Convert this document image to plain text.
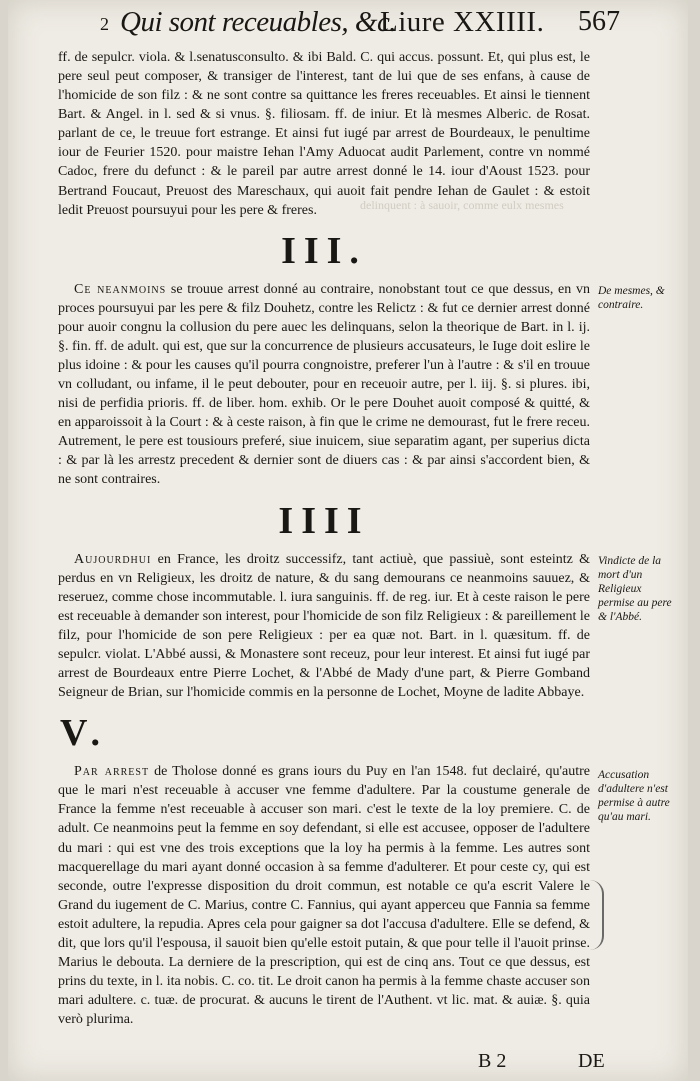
delinquent : à sauoir, comme eulx mesmes
2 Qui sont receuables, &c.
Liure XXIIII. 567

ff. de sepulcr. viola. & l.senatusconsulto. & ibi Bald. C. qui accus. possunt. Et, qui plus est, le pere seul peut composer, & transiger de l'interest, tant de lui que de ses enfans, à cause de l'homicide de son filz : & ne sont contre sa quittance les freres receuables. Et ainsi le tiennent Bart. & Angel. in l. sed & si vnus. §. filiosam. ff. de iniur. Et là mesmes Alberic. de Rosat. parlant de ce, le treuue fort estrange. Et ainsi fut iugé par arrest de Bourdeaux, le penultime iour de Feurier 1520. pour maistre Iehan l'Amy Aduocat audit Parlement, contre vn nommé Cadoc, frere du defunct : & le pareil par autre arrest donné le 14. iour d'Aoust 1523. pour Bertrand Foucaut, Preuost des Mareschaux, qui auoit fait pendre Iehan de Gaulet : & estoit ledit Preuost poursuyui pour les pere & freres.

III.

Ce neanmoins se trouue arrest donné au contraire, nonobstant tout ce que dessus, en vn proces poursuyui par les pere & filz Douhetz, contre les Relictz : & fut ce dernier arrest donné pour auoir congnu la collusion du pere auec les delinquans, selon la theorique de Bart. in l. ij. §. fin. ff. de adult. qui est, que sur la concurrence de plusieurs accusateurs, le Iuge doit eslire le plus idoine : & pour les causes qu'il pourra congnoistre, preferer l'un à l'autre : & s'il en trouue vn colludant, ou infame, il le peut debouter, pour en receuoir autre, per l. iij. §. si plures. ibi, nisi de perfidia prioris. ff. de liber. hom. exhib. Or le pere Douhet auoit composé & quitté, & en apparoissoit à la Court : & à ceste raison, à fin que le crime ne demourast, fut le frere receu. Autrement, le pere est tousiours preferé, siue inuicem, siue separatim agant, per superius dicta : & par là les arrestz precedent & dernier sont de diuers cas : & par ainsi s'accordent bien, & ne sont contraires.

IIII

Aujourdhui en France, les droitz successifz, tant actiuè, que passiuè, sont esteintz & perdus en vn Religieux, les droitz de nature, & du sang demourans ce neanmoins sauuez, & reseruez, comme chose incommutable. l. iura sanguinis. ff. de reg. iur. Et à ceste raison le pere est receuable à demander son interest, pour l'homicide de son filz Religieux : & pareillement le filz, pour l'homicide de son pere Religieux : per ea quæ not. Bart. in l. quæsitum. ff. de sepulcr. violat. L'Abbé aussi, & Monastere sont receuz, pour leur interest. Et ainsi fut iugé par arrest de Bourdeaux entre Pierre Lochet, & l'Abbé de Mady d'une part, & Pierre Gomband Seigneur de Brian, sur l'homicide commis en la personne de Lochet, Moyne de ladite Abbaye.

V.

Par arrest de Tholose donné es grans iours du Puy en l'an 1548. fut declairé, qu'autre que le mari n'est receuable à accuser vne femme d'adultere. Par la coustume generale de France la femme n'est receuable à accuser son mari. c'est le texte de la loy premiere. C. de adult. Ce neanmoins peut la femme en soy defendant, si elle est accusee, opposer de l'adultere du mari : qui est vne des trois exceptions que la loy ha permis à la femme. Les autres sont macquerellage du mari ayant donné occasion à sa femme d'adulterer. Et pour ceste cy, qui est seconde, outre l'expresse disposition du droit commun, est notable ce qu'a escrit Valere le Grand du iugement de C. Marius, contre C. Fannius, qui ayant apperceu que Fannia sa femme estoit adultere, la repudia. Apres cela pour gaigner sa dot l'accusa d'adultere. Elle se defend, & dit, que lors qu'il l'espousa, il sauoit bien qu'elle estoit putain, & que pour telle il l'auoit prinse. Marius le debouta. La derniere de la prescription, qui est de cinq ans. Tout ce que dessus, est prins du texte, in l. ita nobis. C. co. tit. Le droit canon ha permis à la femme chaste accuser son mari adultere. c. tuæ. de procurat. & aucuns le tirent de l'Authent. vt lic. mat. & auiæ. §. quia verò plurima.

De mesmes, & contraire.
Vindicte de la mort d'un Religieux permise au pere & l'Abbé.
Accusation d'adultere n'est permise à autre qu'au mari.
B 2	DE
